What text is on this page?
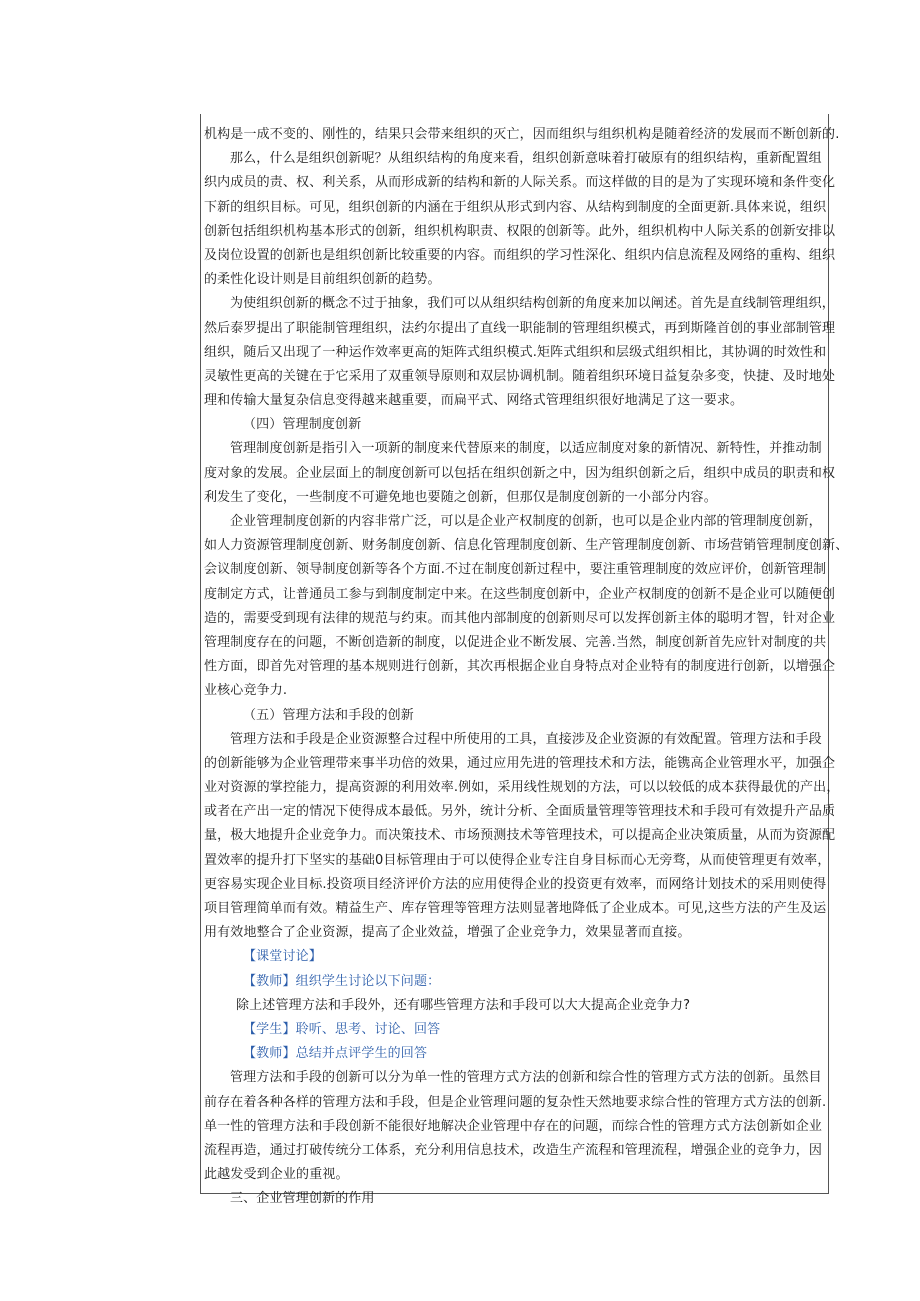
机构是一成不变的、刚性的，结果只会带来组织的灭亡，因而组织与组织机构是随着经济的发展而不断创新的.
那么，什么是组织创新呢？从组织结构的角度来看，组织创新意味着打破原有的组织结构，重新配置组
织内成员的责、权、利关系，从而形成新的结构和新的人际关系。而这样做的目的是为了实现环境和条件变化
下新的组织目标。可见，组织创新的内涵在于组织从形式到内容、从结构到制度的全面更新.具体来说，组织
创新包括组织机构基本形式的创新，组织机构职责、权限的创新等。此外，组织机构中人际关系的创新安排以
及岗位设置的创新也是组织创新比较重要的内容。而组织的学习性深化、组织内信息流程及网络的重构、组织
的柔性化设计则是目前组织创新的趋势。
为使组织创新的概念不过于抽象，我们可以从组织结构创新的角度来加以阐述。首先是直线制管理组织，
然后泰罗提出了职能制管理组织，法约尔提出了直线一职能制的管理组织模式，再到斯隆首创的事业部制管理
组织，随后又出现了一种运作效率更高的矩阵式组织模式.矩阵式组织和层级式组织相比，其协调的时效性和
灵敏性更高的关键在于它采用了双重领导原则和双层协调机制。随着组织环境日益复杂多变，快捷、及时地处
理和传输大量复杂信息变得越来越重要，而扁平式、网络式管理组织很好地满足了这一要求。
（四）管理制度创新
管理制度创新是指引入一项新的制度来代替原来的制度，以适应制度对象的新情况、新特性，并推动制
度对象的发展。企业层面上的制度创新可以包括在组织创新之中，因为组织创新之后，组织中成员的职责和权
利发生了变化，一些制度不可避免地也要随之创新，但那仅是制度创新的一小部分内容。
企业管理制度创新的内容非常广泛，可以是企业产权制度的创新，也可以是企业内部的管理制度创新，
如人力资源管理制度创新、财务制度创新、信息化管理制度创新、生产管理制度创新、市场营销管理制度创新、
会议制度创新、领导制度创新等各个方面.不过在制度创新过程中，要注重管理制度的效应评价，创新管理制
度制定方式，让普通员工参与到制度制定中来。在这些制度创新中，企业产权制度的创新不是企业可以随便创
造的，需要受到现有法律的规范与约束。而其他内部制度的创新则尽可以发挥创新主体的聪明才智，针对企业
管理制度存在的问题，不断创造新的制度，以促进企业不断发展、完善.当然，制度创新首先应针对制度的共
性方面，即首先对管理的基本规则进行创新，其次再根据企业自身特点对企业特有的制度进行创新，以增强企
业核心竞争力.
（五）管理方法和手段的创新
管理方法和手段是企业资源整合过程中所使用的工具，直接涉及企业资源的有效配置。管理方法和手段
的创新能够为企业管理带来事半功倍的效果，通过应用先进的管理技术和方法，能镌高企业管理水平，加强企
业对资源的掌控能力，提高资源的利用效率.例如，采用线性规划的方法，可以以较低的成本获得最优的产出，
或者在产出一定的情况下使得成本最低。另外，统计分析、全面质量管理等管理技术和手段可有效提升产品质
量，极大地提升企业竞争力。而决策技术、市场预测技术等管理技术，可以提高企业决策质量，从而为资源配
置效率的提升打下坚实的基础0目标管理由于可以使得企业专注自身目标而心无旁骛，从而使管理更有效率，
更容易实现企业目标.投资项目经济评价方法的应用使得企业的投资更有效率，而网络计划技术的采用则使得
项目管理简单而有效。精益生产、库存管理等管理方法则显著地降低了企业成本。可见,这些方法的产生及运
用有效地整合了企业资源，提高了企业效益，增强了企业竞争力，效果显著而直接。
【课堂讨论】
【教师】组织学生讨论以下问题：
除上述管理方法和手段外，还有哪些管理方法和手段可以大大提高企业竞争力?
【学生】聆听、思考、讨论、回答
【教师】总结并点评学生的回答
管理方法和手段的创新可以分为单一性的管理方式方法的创新和综合性的管理方式方法的创新。虽然目
前存在着各种各样的管理方法和手段，但是企业管理问题的复杂性天然地要求综合性的管理方式方法的创新.
单一性的管理方法和手段创新不能很好地解决企业管理中存在的问题，而综合性的管理方式方法创新如企业
流程再造，通过打破传统分工体系，充分利用信息技术，改造生产流程和管理流程，增强企业的竞争力，因
此越发受到企业的重视。
三、企业管理创新的作用
